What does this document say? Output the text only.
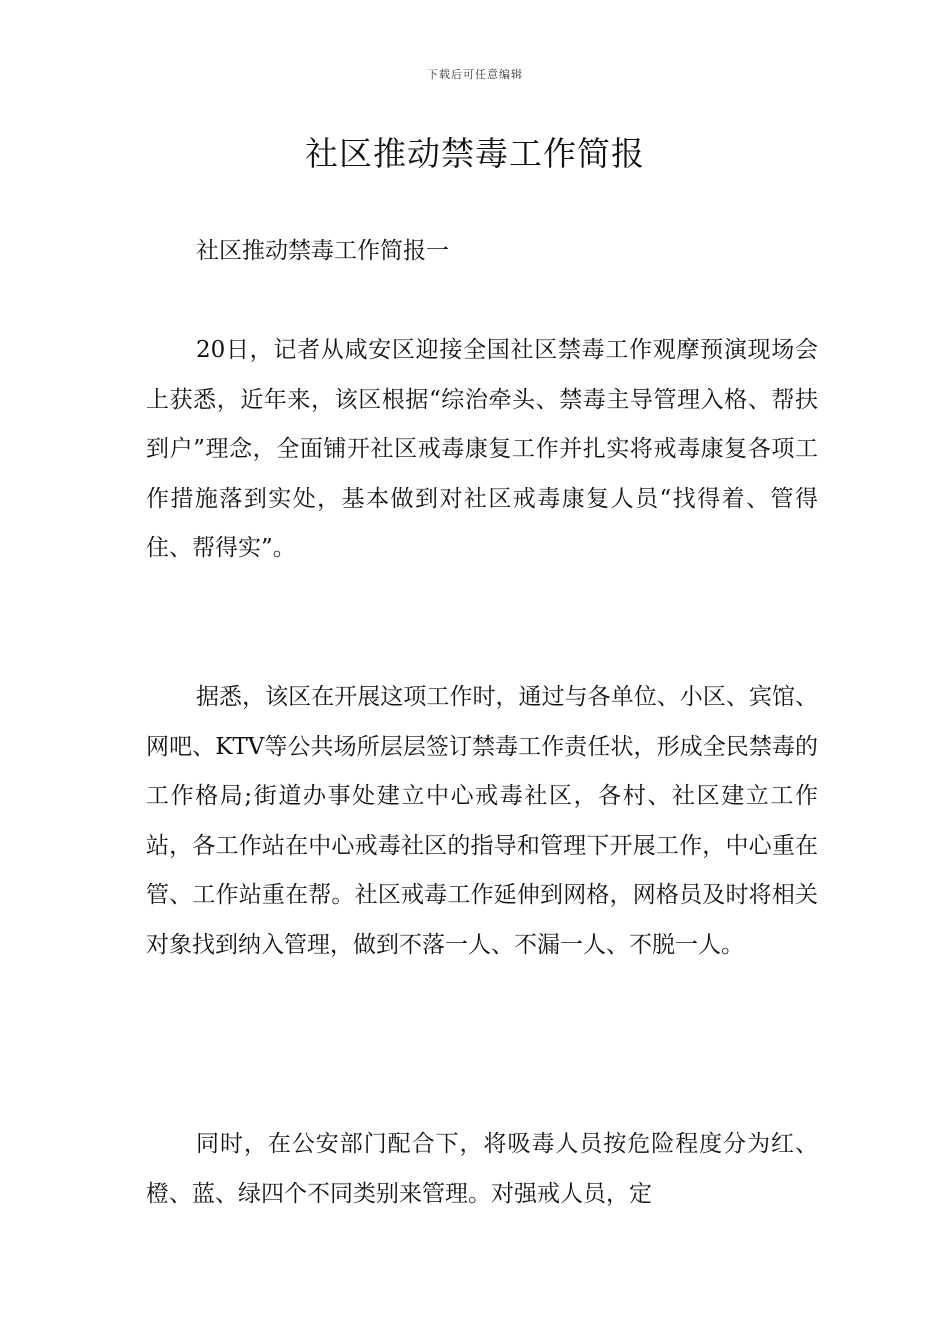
下载后可任意编辑
社区推动禁毒工作简报

社区推动禁毒工作简报一

20日，记者从咸安区迎接全国社区禁毒工作观摩预演现场会上获悉，近年来，该区根据“综治牵头、禁毒主导管理入格、帮扶到户”理念，全面铺开社区戒毒康复工作并扎实将戒毒康复各项工作措施落到实处，基本做到对社区戒毒康复人员“找得着、管得住、帮得实”。

据悉，该区在开展这项工作时，通过与各单位、小区、宾馆、网吧、KTV等公共场所层层签订禁毒工作责任状，形成全民禁毒的工作格局;街道办事处建立中心戒毒社区，各村、社区建立工作站，各工作站在中心戒毒社区的指导和管理下开展工作，中心重在管、工作站重在帮。社区戒毒工作延伸到网格，网格员及时将相关对象找到纳入管理，做到不落一人、不漏一人、不脱一人。

同时，在公安部门配合下，将吸毒人员按危险程度分为红、橙、蓝、绿四个不同类别来管理。对强戒人员，定
